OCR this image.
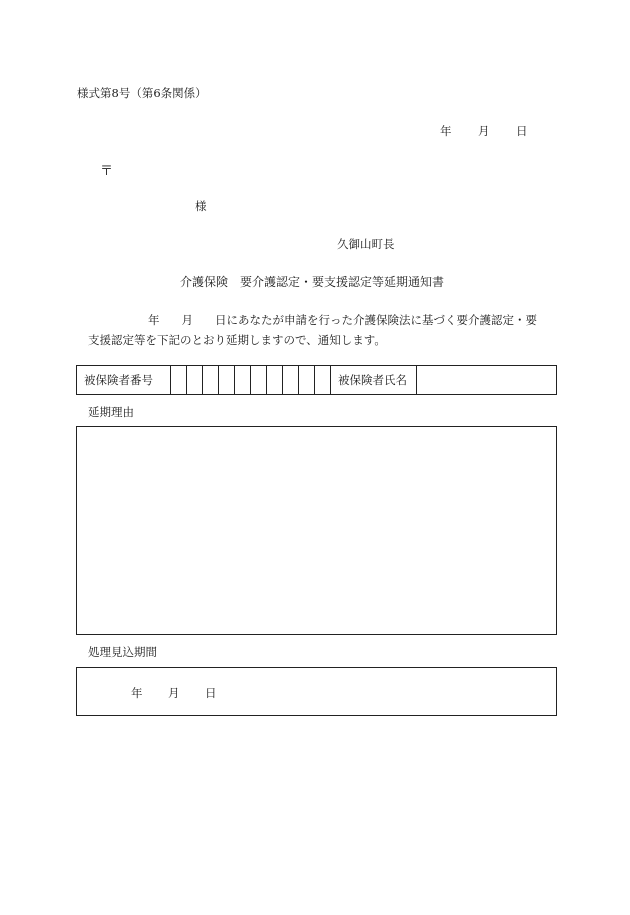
様式第8号（第6条関係）
年 月 日
〒
様
久御山町長
介護保険　要介護認定・要支援認定等延期通知書
年 月 日にあなたが申請を行った介護保険法に基づく要介護認定・要
支援認定等を下記のとおり延期しますので、通知します。
被保険者番号											被保険者氏名	
延期理由
処理見込期間
年 月 日
